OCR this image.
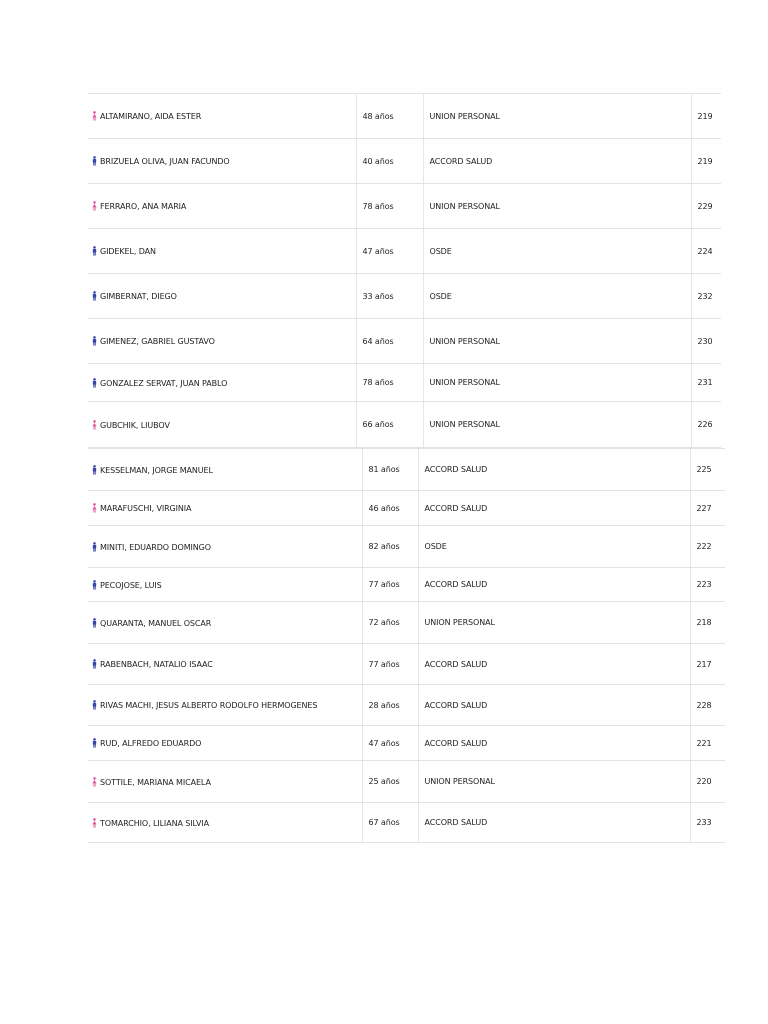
ALTAMIRANO, AIDA ESTER	48 años	UNION PERSONAL	219

BRIZUELA OLIVA, JUAN FACUNDO	40 años	ACCORD SALUD	219

FERRARO, ANA MARIA	78 años	UNION PERSONAL	229

GIDEKEL, DAN	47 años	OSDE	224

GIMBERNAT, DIEGO	33 años	OSDE	232

GIMENEZ, GABRIEL GUSTAVO	64 años	UNION PERSONAL	230

GONZALEZ SERVAT, JUAN PABLO	78 años	UNION PERSONAL	231

GUBCHIK, LIUBOV	66 años	UNION PERSONAL	226
KESSELMAN, JORGE MANUEL	81 años	ACCORD SALUD	225

MARAFUSCHI, VIRGINIA	46 años	ACCORD SALUD	227

MINITI, EDUARDO DOMINGO	82 años	OSDE	222

PECOJOSE, LUIS	77 años	ACCORD SALUD	223

QUARANTA, MANUEL OSCAR	72 años	UNION PERSONAL	218

RABENBACH, NATALIO ISAAC	77 años	ACCORD SALUD	217

RIVAS MACHI, JESUS ALBERTO RODOLFO HERMOGENES	28 años	ACCORD SALUD	228

RUD, ALFREDO EDUARDO	47 años	ACCORD SALUD	221

SOTTILE, MARIANA MICAELA	25 años	UNION PERSONAL	220

TOMARCHIO, LILIANA SILVIA	67 años	ACCORD SALUD	233
